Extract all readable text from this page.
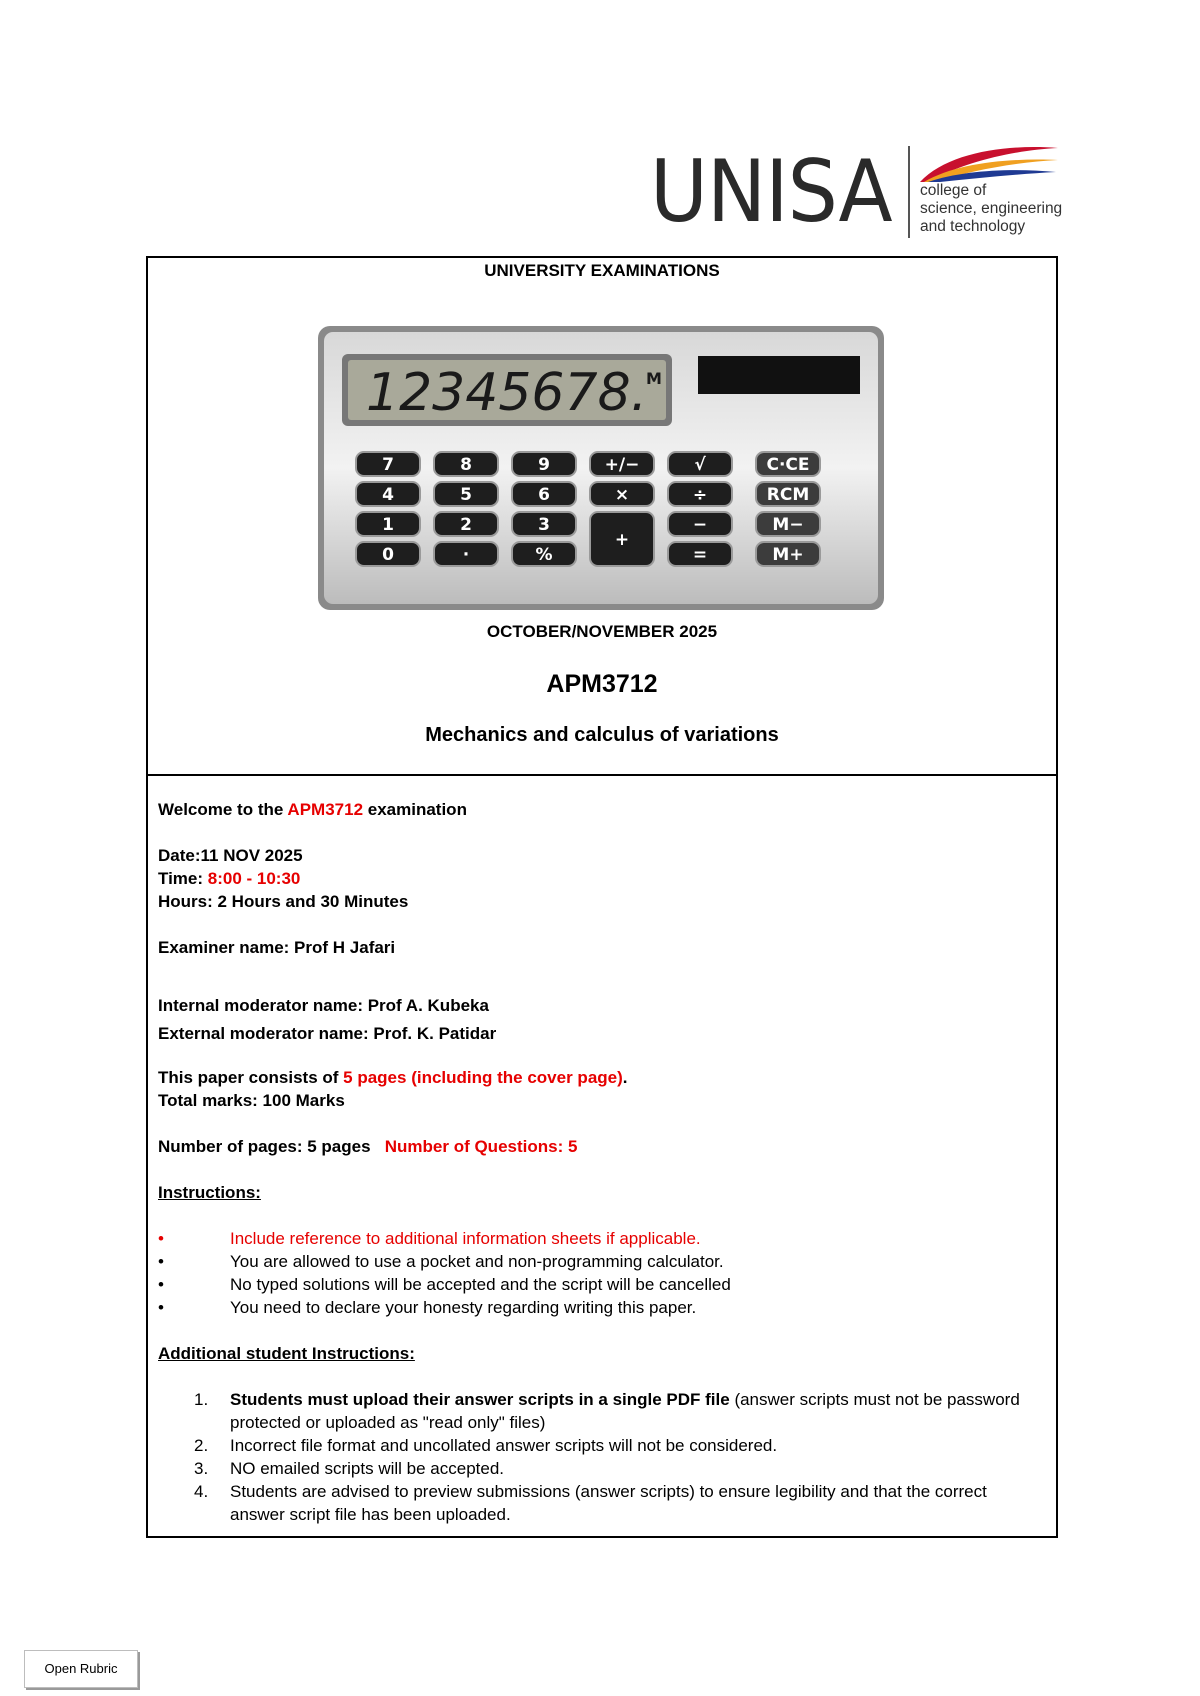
UNISA college of
science, engineering
and technology
UNIVERSITY EXAMINATIONS
12345678.
M
7	8	9	+/−	√	C·CE
4	5	6	×	÷	RCM
1	2	3
+
−	M−
0	·	%	=	M+
OCTOBER/NOVEMBER 2025
APM3712
Mechanics and calculus of variations
Welcome to the APM3712 examination
Date:11 NOV 2025
Time: 8:00 - 10:30
Hours: 2 Hours and 30 Minutes
Examiner name: Prof H Jafari
Internal moderator name: Prof A. Kubeka
External moderator name: Prof. K. Patidar
This paper consists of 5 pages (including the cover page).
Total marks: 100 Marks
Number of pages: 5 pages Number of Questions: 5
Instructions:
•	Include reference to additional information sheets if applicable.
•	You are allowed to use a pocket and non-programming calculator.
•	No typed solutions will be accepted and the script will be cancelled
•	You need to declare your honesty regarding writing this paper.
Additional student Instructions:
1. Students must upload their answer scripts in a single PDF file (answer scripts must not be password protected or uploaded as "read only" files)
2. Incorrect file format and uncollated answer scripts will not be considered.
3. NO emailed scripts will be accepted.
4. Students are advised to preview submissions (answer scripts) to ensure legibility and that the correct answer script file has been uploaded.
Open Rubric
